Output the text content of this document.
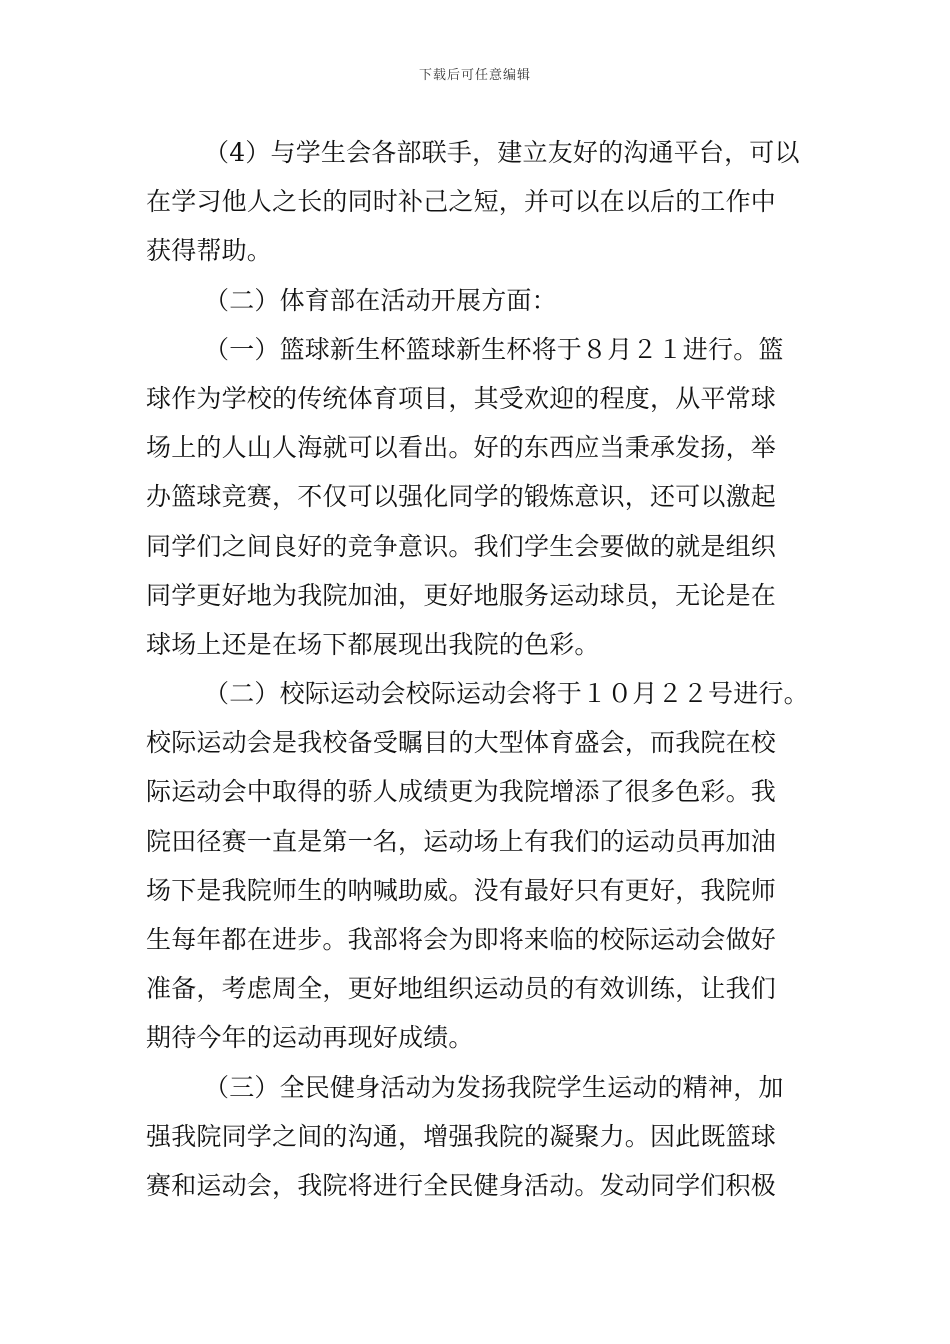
下载后可任意编辑
（4）与学生会各部联手，建立友好的沟通平台，可以
在学习他人之长的同时补己之短，并可以在以后的工作中
获得帮助。
（二）体育部在活动开展方面：
（一）篮球新生杯篮球新生杯将于８月２１进行。篮
球作为学校的传统体育项目，其受欢迎的程度，从平常球
场上的人山人海就可以看出。好的东西应当秉承发扬，举
办篮球竞赛，不仅可以强化同学的锻炼意识，还可以激起
同学们之间良好的竞争意识。我们学生会要做的就是组织
同学更好地为我院加油，更好地服务运动球员，无论是在
球场上还是在场下都展现出我院的色彩。
（二）校际运动会校际运动会将于１０月２２号进行。
校际运动会是我校备受瞩目的大型体育盛会，而我院在校
际运动会中取得的骄人成绩更为我院增添了很多色彩。我
院田径赛一直是第一名，运动场上有我们的运动员再加油
场下是我院师生的呐喊助威。没有最好只有更好，我院师
生每年都在进步。我部将会为即将来临的校际运动会做好
准备，考虑周全，更好地组织运动员的有效训练，让我们
期待今年的运动再现好成绩。
（三）全民健身活动为发扬我院学生运动的精神，加
强我院同学之间的沟通，增强我院的凝聚力。因此既篮球
赛和运动会，我院将进行全民健身活动。发动同学们积极
